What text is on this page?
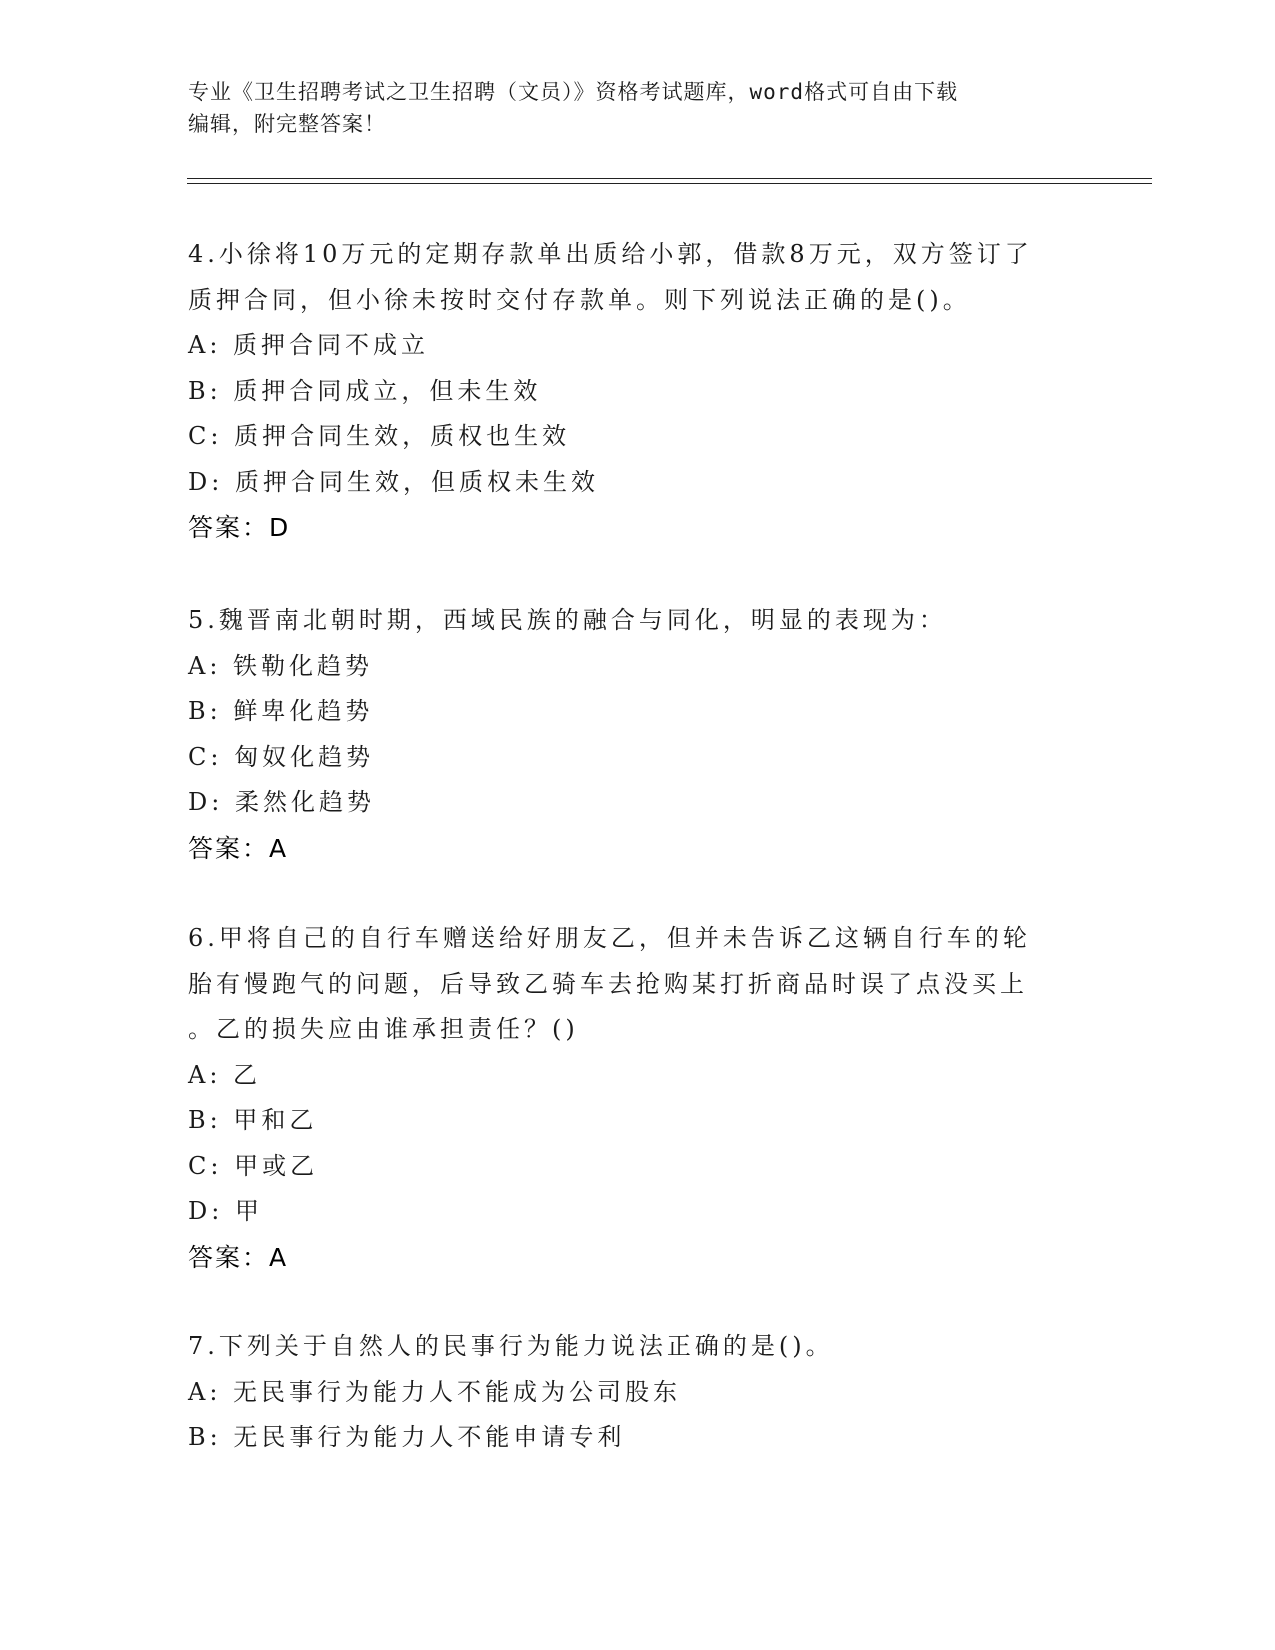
专业《卫生招聘考试之卫生招聘（文员）》资格考试题库，word格式可自由下载
编辑，附完整答案！

4.小徐将10万元的定期存款单出质给小郭，借款8万元，双方签订了

质押合同，但小徐未按时交付存款单。则下列说法正确的是()。

A: 质押合同不成立

B: 质押合同成立，但未生效

C: 质押合同生效，质权也生效

D: 质押合同生效，但质权未生效

答案：D

5.魏晋南北朝时期，西域民族的融合与同化，明显的表现为：

A: 铁勒化趋势

B: 鲜卑化趋势

C: 匈奴化趋势

D: 柔然化趋势

答案：A

6.甲将自己的自行车赠送给好朋友乙，但并未告诉乙这辆自行车的轮

胎有慢跑气的问题，后导致乙骑车去抢购某打折商品时误了点没买上

。乙的损失应由谁承担责任？()

A: 乙

B: 甲和乙

C: 甲或乙

D: 甲

答案：A

7.下列关于自然人的民事行为能力说法正确的是()。

A: 无民事行为能力人不能成为公司股东

B: 无民事行为能力人不能申请专利
